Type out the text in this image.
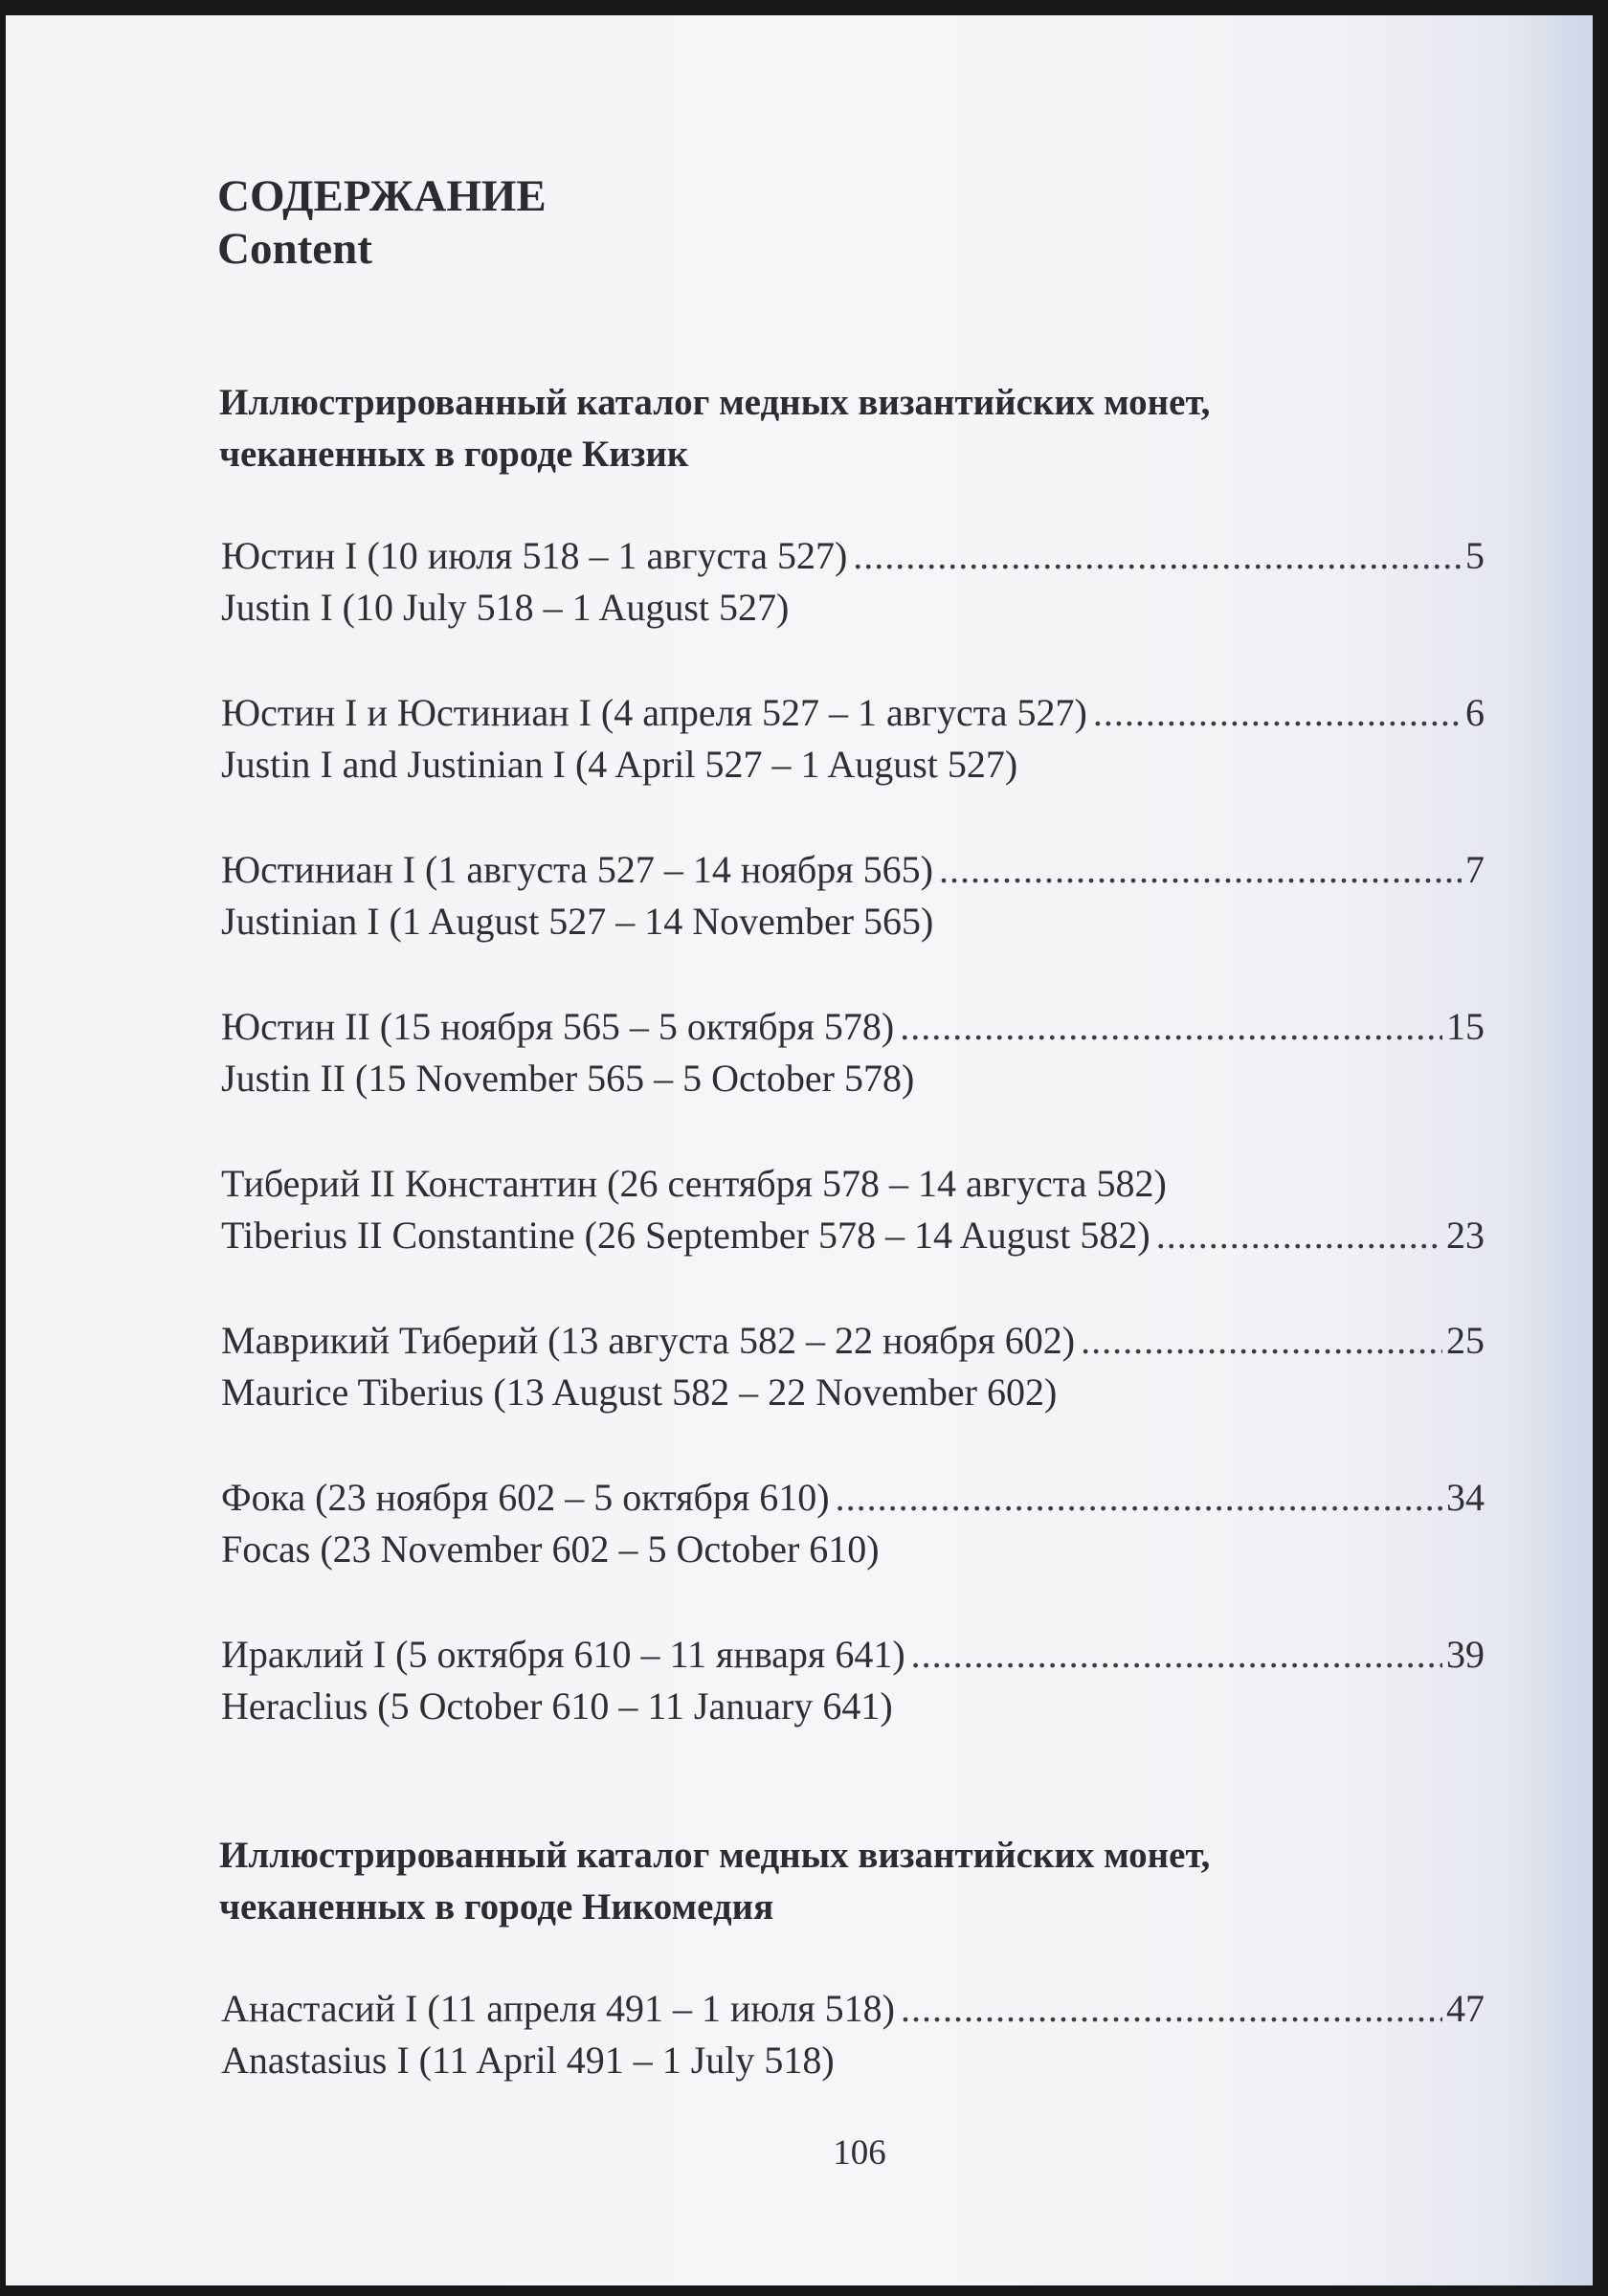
СОДЕРЖАНИЕ
Content
Иллюстрированный каталог медных византийских монет,
чеканенных в городе Кизик
Юстин I (10 июля 518 – 1 августа 527) .....	5
Justin I (10 July 518 – 1 August 527)
Юстин I и Юстиниан I (4 апреля 527 – 1 августа 527) .....	6
Justin I and Justinian I (4 April 527 – 1 August 527)
Юстиниан I (1 августа 527 – 14 ноября 565) .....	7
Justinian I (1 August 527 – 14 November 565)
Юстин II (15 ноября 565 – 5 октября 578) .....	15
Justin II (15 November 565 – 5 October 578)
Тиберий II Константин (26 сентября 578 – 14 августа 582)
Tiberius II Constantine (26 September 578 – 14 August 582) .....	23
Маврикий Тиберий (13 августа 582 – 22 ноября 602) .....	25
Maurice Tiberius (13 August 582 – 22 November 602)
Фока (23 ноября 602 – 5 октября 610) .....	34
Focas (23 November 602 – 5 October 610)
Ираклий I (5 октября 610 – 11 января 641) .....	39
Heraclius (5 October 610 – 11 January 641)
Иллюстрированный каталог медных византийских монет,
чеканенных в городе Никомедия
Анастасий I (11 апреля 491 – 1 июля 518) .....	47
Anastasius I (11 April 491 – 1 July 518)
106
